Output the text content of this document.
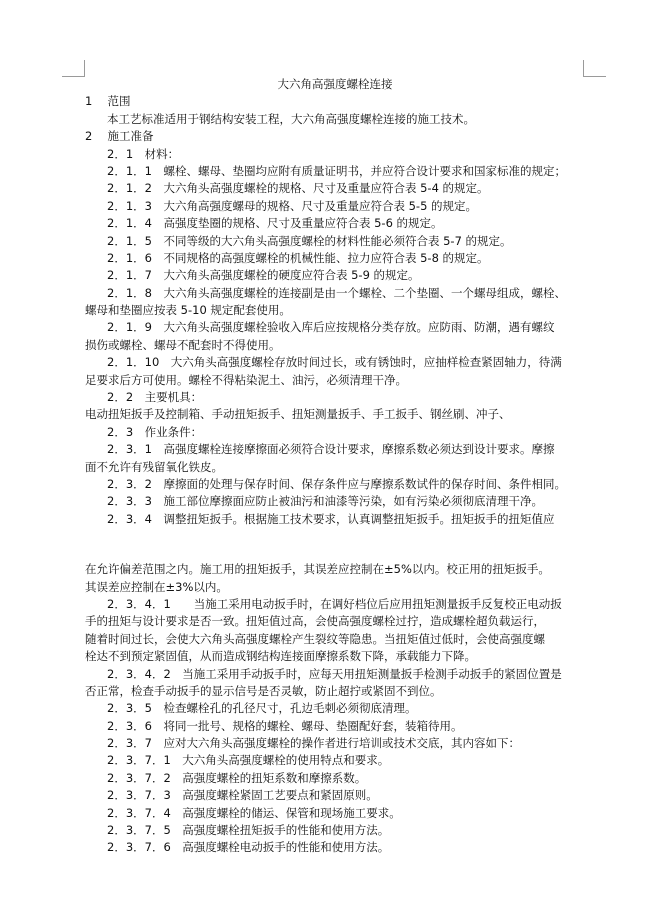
大六角高强度螺栓连接
1　 范围
本工艺标准适用于钢结构安装工程，大六角高强度螺栓连接的施工技术。
2　 施工准备
2．1　材料：
2．1．1　螺栓、螺母、垫圈均应附有质量证明书，并应符合设计要求和国家标准的规定；
2．1．2　大六角头高强度螺栓的规格、尺寸及重量应符合表 5-4 的规定。
2．1．3　大六角高强度螺母的规格、尺寸及重量应符合表 5-5 的规定。
2．1．4　高强度垫圈的规格、尺寸及重量应符合表 5-6 的规定。
2．1．5　不同等级的大六角头高强度螺栓的材料性能必须符合表 5-7 的规定。
2．1．6　不同规格的高强度螺栓的机械性能、拉力应符合表 5-8 的规定。
2．1．7　大六角头高强度螺栓的硬度应符合表 5-9 的规定。
2．1．8　大六角头高强度螺栓的连接副是由一个螺栓、二个垫圈、一个螺母组成，螺栓、
螺母和垫圈应按表 5-10 规定配套使用。
2．1．9　大六角头高强度螺栓验收入库后应按规格分类存放。应防雨、防潮，遇有螺纹
损伤或螺栓、螺母不配套时不得使用。
2．1．10　大六角头高强度螺栓存放时间过长，或有锈蚀时，应抽样检查紧固轴力，待满
足要求后方可使用。螺栓不得粘染泥土、油污，必须清理干净。
2．2　主要机具：
电动扭矩扳手及控制箱、手动扭矩扳手、扭矩测量扳手、手工扳手、钢丝刷、冲子、
2．3　作业条件：
2．3．1　高强度螺栓连接摩擦面必须符合设计要求，摩擦系数必须达到设计要求。摩擦
面不允许有残留氧化铁皮。
2．3．2　摩擦面的处理与保存时间、保存条件应与摩擦系数试件的保存时间、条件相同。
2．3．3　施工部位摩擦面应防止被油污和油漆等污染，如有污染必须彻底清理干净。
2．3．4　调整扭矩扳手。根据施工技术要求，认真调整扭矩扳手。扭矩扳手的扭矩值应
在允许偏差范围之内。施工用的扭矩扳手，其误差应控制在±5%以内。校正用的扭矩扳手。
其误差应控制在±3%以内。
2．3．4．1　　当施工采用电动扳手时，在调好档位后应用扭矩测量扳手反复校正电动扳
手的扭矩与设计要求是否一致。扭矩值过高，会使高强度螺栓过拧，造成螺栓超负载运行，
随着时间过长，会使大六角头高强度螺栓产生裂纹等隐患。当扭矩值过低时，会使高强度螺
栓达不到预定紧固值，从而造成钢结构连接面摩擦系数下降，承载能力下降。
2．3．4．2　当施工采用手动扳手时，应每天用扭矩测量扳手检测手动扳手的紧固位置是
否正常，检查手动扳手的显示信号是否灵敏，防止超拧或紧固不到位。
2．3．5　检查螺栓孔的孔径尺寸，孔边毛刺必须彻底清理。
2．3．6　将同一批号、规格的螺栓、螺母、垫圈配好套，装箱待用。
2．3．7　应对大六角头高强度螺栓的操作者进行培训或技术交底，其内容如下：
2．3．7．1　大六角头高强度螺栓的使用特点和要求。
2．3．7．2　高强度螺栓的扭矩系数和摩擦系数。
2．3．7．3　高强度螺栓紧固工艺要点和紧固原则。
2．3．7．4　高强度螺栓的储运、保管和现场施工要求。
2．3．7．5　高强度螺栓扭矩扳手的性能和使用方法。
2．3．7．6　高强度螺栓电动扳手的性能和使用方法。
